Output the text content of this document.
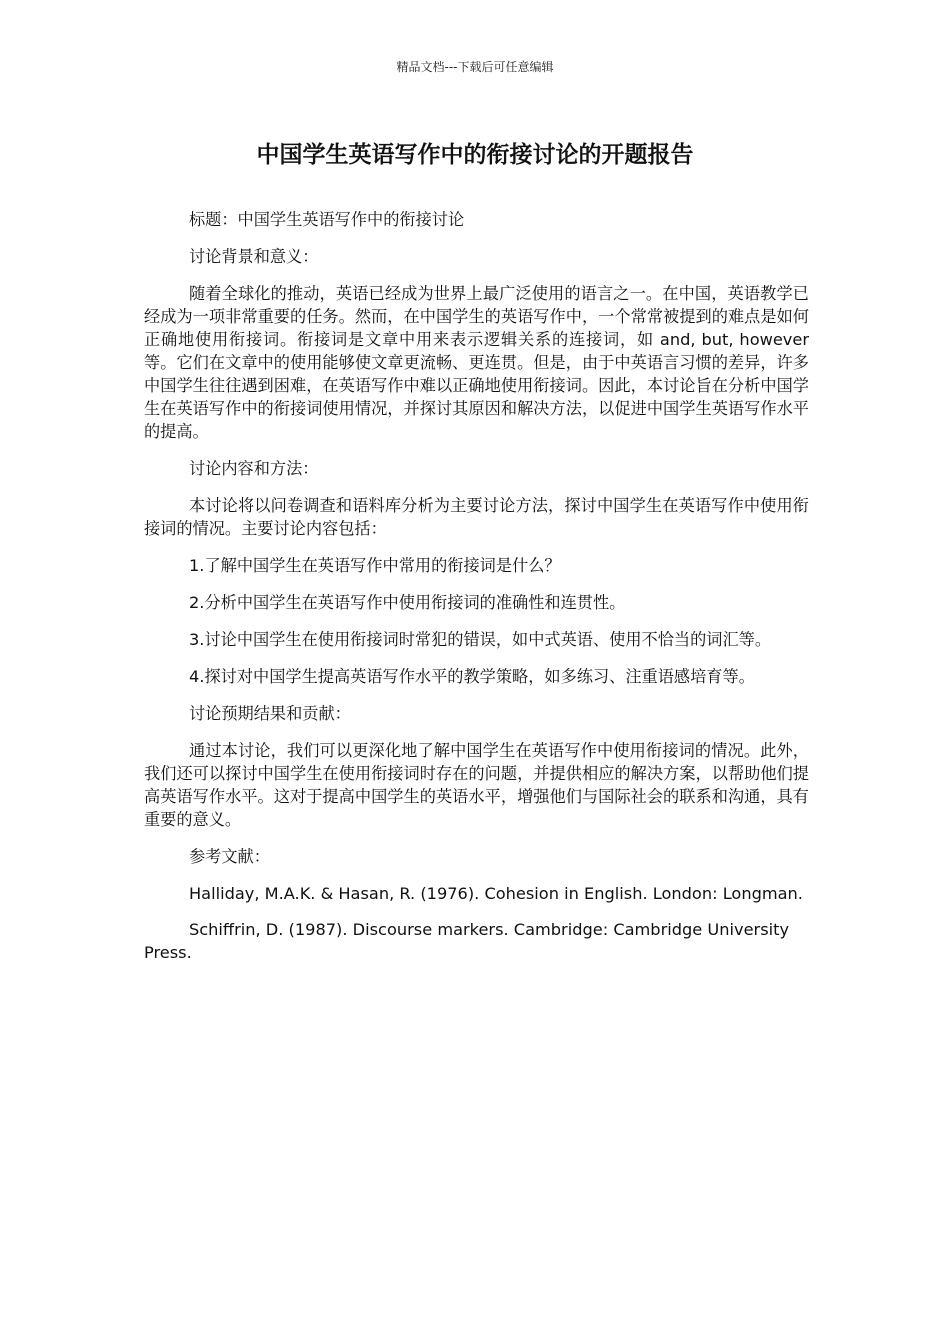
精品文档---下载后可任意编辑
中国学生英语写作中的衔接讨论的开题报告

标题：中国学生英语写作中的衔接讨论

讨论背景和意义：

随着全球化的推动，英语已经成为世界上最广泛使用的语言之一。在中国，英语教学已经成为一项非常重要的任务。然而，在中国学生的英语写作中，一个常常被提到的难点是如何正确地使用衔接词。衔接词是文章中用来表示逻辑关系的连接词，如 and, but, however 等。它们在文章中的使用能够使文章更流畅、更连贯。但是，由于中英语言习惯的差异，许多中国学生往往遇到困难，在英语写作中难以正确地使用衔接词。因此，本讨论旨在分析中国学生在英语写作中的衔接词使用情况，并探讨其原因和解决方法，以促进中国学生英语写作水平的提高。

讨论内容和方法：

本讨论将以问卷调查和语料库分析为主要讨论方法，探讨中国学生在英语写作中使用衔接词的情况。主要讨论内容包括：

1.了解中国学生在英语写作中常用的衔接词是什么？

2.分析中国学生在英语写作中使用衔接词的准确性和连贯性。

3.讨论中国学生在使用衔接词时常犯的错误，如中式英语、使用不恰当的词汇等。

4.探讨对中国学生提高英语写作水平的教学策略，如多练习、注重语感培育等。

讨论预期结果和贡献：

通过本讨论，我们可以更深化地了解中国学生在英语写作中使用衔接词的情况。此外，我们还可以探讨中国学生在使用衔接词时存在的问题，并提供相应的解决方案，以帮助他们提高英语写作水平。这对于提高中国学生的英语水平，增强他们与国际社会的联系和沟通，具有重要的意义。

参考文献：

Halliday, M.A.K. & Hasan, R. (1976). Cohesion in English. London: Longman.

Schiffrin, D. (1987). Discourse markers. Cambridge: Cambridge University Press.
